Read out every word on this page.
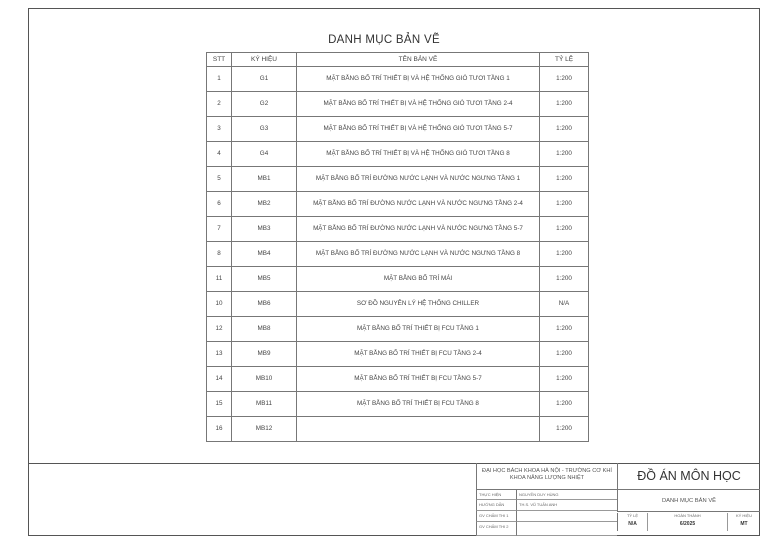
DANH MỤC BẢN VẼ
STT	KÝ HIỆU	TÊN BẢN VẼ	TỶ LỆ
1	G1	MẶT BẰNG BỐ TRÍ THIẾT BỊ VÀ HỆ THỐNG GIÓ TƯƠI TẦNG 1	1:200
2	G2	MẶT BẰNG BỐ TRÍ THIẾT BỊ VÀ HỆ THỐNG GIÓ TƯƠI TẦNG 2-4	1:200
3	G3	MẶT BẰNG BỐ TRÍ THIẾT BỊ VÀ HỆ THỐNG GIÓ TƯƠI TẦNG 5-7	1:200
4	G4	MẶT BẰNG BỐ TRÍ THIẾT BỊ VÀ HỆ THỐNG GIÓ TƯƠI TẦNG 8	1:200
5	MB1	MẶT BẰNG BỐ TRÍ ĐƯỜNG NƯỚC LẠNH VÀ NƯỚC NGƯNG TẦNG 1	1:200
6	MB2	MẶT BẰNG BỐ TRÍ ĐƯỜNG NƯỚC LẠNH VÀ NƯỚC NGƯNG TẦNG 2-4	1:200
7	MB3	MẶT BẰNG BỐ TRÍ ĐƯỜNG NƯỚC LẠNH VÀ NƯỚC NGƯNG TẦNG 5-7	1:200
8	MB4	MẶT BẰNG BỐ TRÍ ĐƯỜNG NƯỚC LẠNH VÀ NƯỚC NGƯNG TẦNG 8	1:200
11	MB5	MẶT BẰNG BỐ TRÍ MÁI	1:200
10	MB6	SƠ ĐỒ NGUYÊN LÝ HỆ THỐNG CHILLER	N/A
12	MB8	MẶT BẰNG BỐ TRÍ THIẾT BỊ FCU TẦNG 1	1:200
13	MB9	MẶT BẰNG BỐ TRÍ THIẾT BỊ FCU TẦNG 2-4	1:200
14	MB10	MẶT BẰNG BỐ TRÍ THIẾT BỊ FCU TẦNG 5-7	1:200
15	MB11	MẶT BẰNG BỐ TRÍ THIẾT BỊ FCU TẦNG 8	1:200
16	MB12		1:200
ĐẠI HỌC BÁCH KHOA HÀ NỘI - TRƯỜNG CƠ KHÍ
KHOA NĂNG LƯỢNG NHIỆT	ĐỒ ÁN MÔN HỌC
DANH MỤC BẢN VẼ
THỰC HIỆN	NGUYỄN DUY HÙNG
HƯỚNG DẪN	TH.S. VŨ TUẤN ANH
GV CHẤM THI 1
GV CHẤM THI 2
TỶ LỆ
N/A
HOÀN THÀNH
6/2025
KÝ HIỆU
MT
